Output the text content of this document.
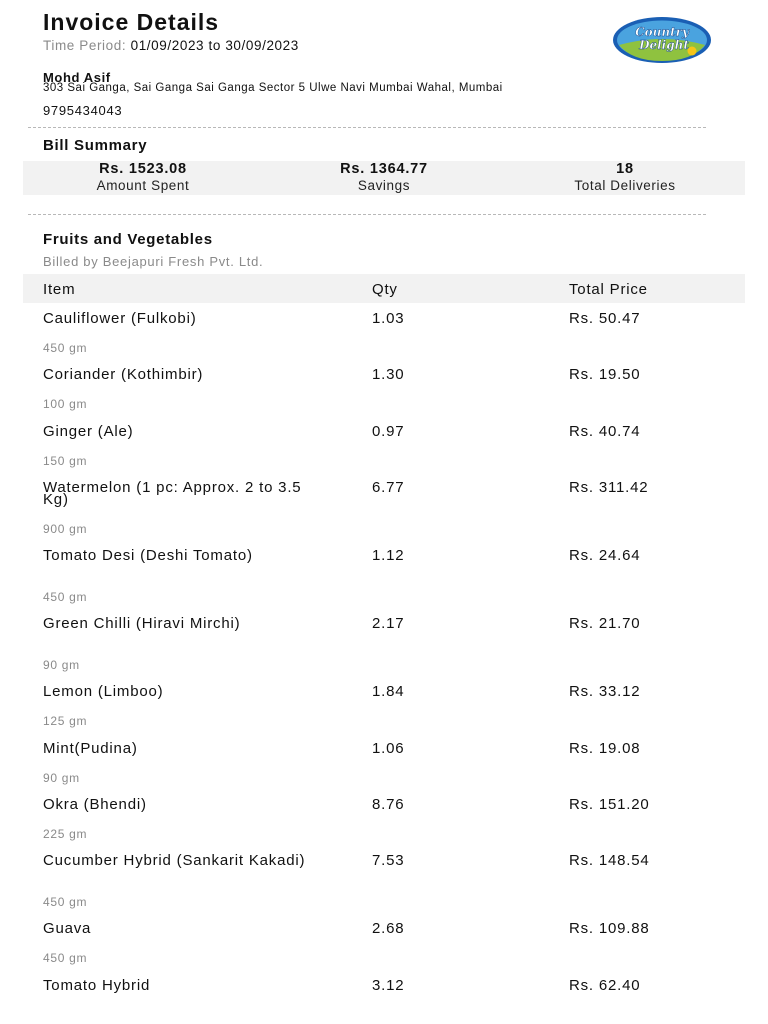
Invoice Details
Time Period: 01/09/2023 to 30/09/2023
Country
Delight
Mohd Asif
303 Sai Ganga, Sai Ganga Sai Ganga Sector 5 Ulwe Navi Mumbai Wahal, Mumbai
9795434043
Bill Summary
Rs. 1523.08
Amount Spent
Rs. 1364.77
Savings
18
Total Deliveries
Fruits and Vegetables
Billed by Beejapuri Fresh Pvt. Ltd.
Item	Qty	Total Price
Cauliflower (Fulkobi)	1.03	Rs. 50.47
450 gm
Coriander (Kothimbir)	1.30	Rs. 19.50
100 gm
Ginger (Ale)	0.97	Rs. 40.74
150 gm
Watermelon (1 pc: Approx. 2 to 3.5 Kg)
6.77	Rs. 311.42
900 gm
Tomato Desi (Deshi Tomato)	1.12	Rs. 24.64
450 gm
Green Chilli (Hiravi Mirchi)	2.17	Rs. 21.70
90 gm
Lemon (Limboo)	1.84	Rs. 33.12
125 gm
Mint(Pudina)	1.06	Rs. 19.08
90 gm
Okra (Bhendi)	8.76	Rs. 151.20
225 gm
Cucumber Hybrid (Sankarit Kakadi)	7.53	Rs. 148.54
450 gm
Guava	2.68	Rs. 109.88
450 gm
Tomato Hybrid	3.12	Rs. 62.40
